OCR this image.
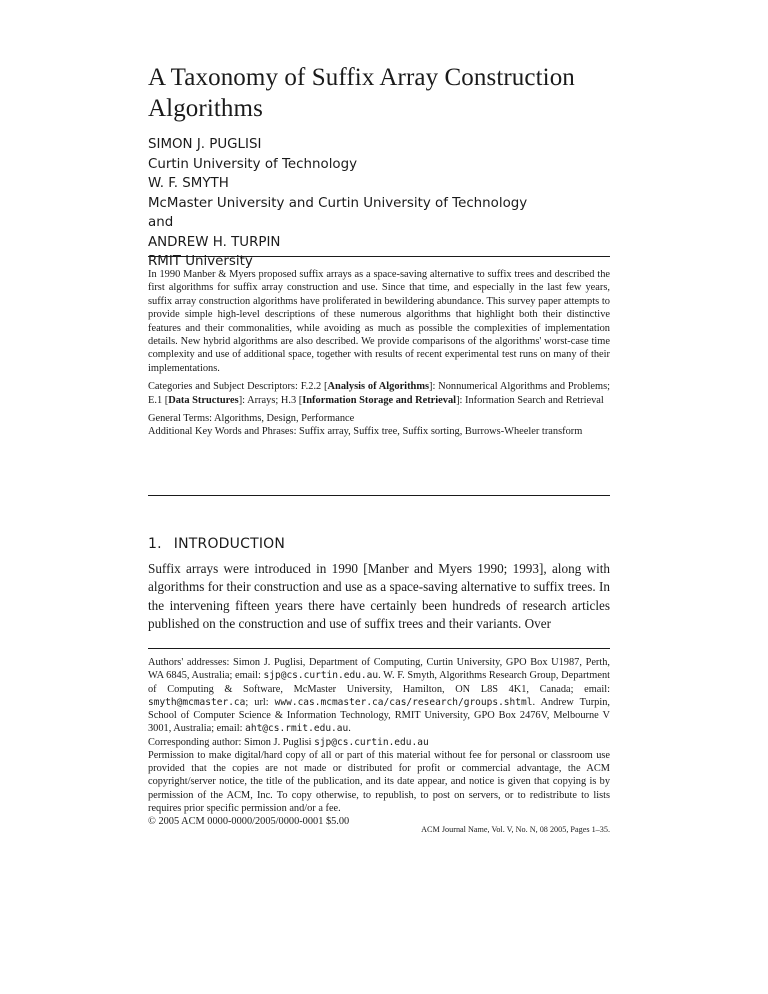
A Taxonomy of Suffix Array Construction Algorithms
SIMON J. PUGLISI
Curtin University of Technology
W. F. SMYTH
McMaster University and Curtin University of Technology
and
ANDREW H. TURPIN
RMIT University

In 1990 Manber & Myers proposed suffix arrays as a space-saving alternative to suffix trees and described the first algorithms for suffix array construction and use. Since that time, and especially in the last few years, suffix array construction algorithms have proliferated in bewildering abundance. This survey paper attempts to provide simple high-level descriptions of these numerous algorithms that highlight both their distinctive features and their commonalities, while avoiding as much as possible the complexities of implementation details. New hybrid algorithms are also described. We provide comparisons of the algorithms' worst-case time complexity and use of additional space, together with results of recent experimental test runs on many of their implementations.

Categories and Subject Descriptors: F.2.2 [Analysis of Algorithms]: Nonnumerical Algorithms and Problems; E.1 [Data Structures]: Arrays; H.3 [Information Storage and Retrieval]: Information Search and Retrieval

General Terms: Algorithms, Design, Performance

Additional Key Words and Phrases: Suffix array, Suffix tree, Suffix sorting, Burrows-Wheeler transform

1. INTRODUCTION

Suffix arrays were introduced in 1990 [Manber and Myers 1990; 1993], along with algorithms for their construction and use as a space-saving alternative to suffix trees. In the intervening fifteen years there have certainly been hundreds of research articles published on the construction and use of suffix trees and their variants. Over

Authors' addresses: Simon J. Puglisi, Department of Computing, Curtin University, GPO Box U1987, Perth, WA 6845, Australia; email: sjp@cs.curtin.edu.au. W. F. Smyth, Algorithms Research Group, Department of Computing & Software, McMaster University, Hamilton, ON L8S 4K1, Canada; email: smyth@mcmaster.ca; url: www.cas.mcmaster.ca/cas/research/groups.shtml. Andrew Turpin, School of Computer Science & Information Technology, RMIT University, GPO Box 2476V, Melbourne V 3001, Australia; email: aht@cs.rmit.edu.au.

Corresponding author: Simon J. Puglisi sjp@cs.curtin.edu.au

Permission to make digital/hard copy of all or part of this material without fee for personal or classroom use provided that the copies are not made or distributed for profit or commercial advantage, the ACM copyright/server notice, the title of the publication, and its date appear, and notice is given that copying is by permission of the ACM, Inc. To copy otherwise, to republish, to post on servers, or to redistribute to lists requires prior specific permission and/or a fee.

© 2005 ACM 0000-0000/2005/0000-0001 $5.00

ACM Journal Name, Vol. V, No. N, 08 2005, Pages 1–35.
